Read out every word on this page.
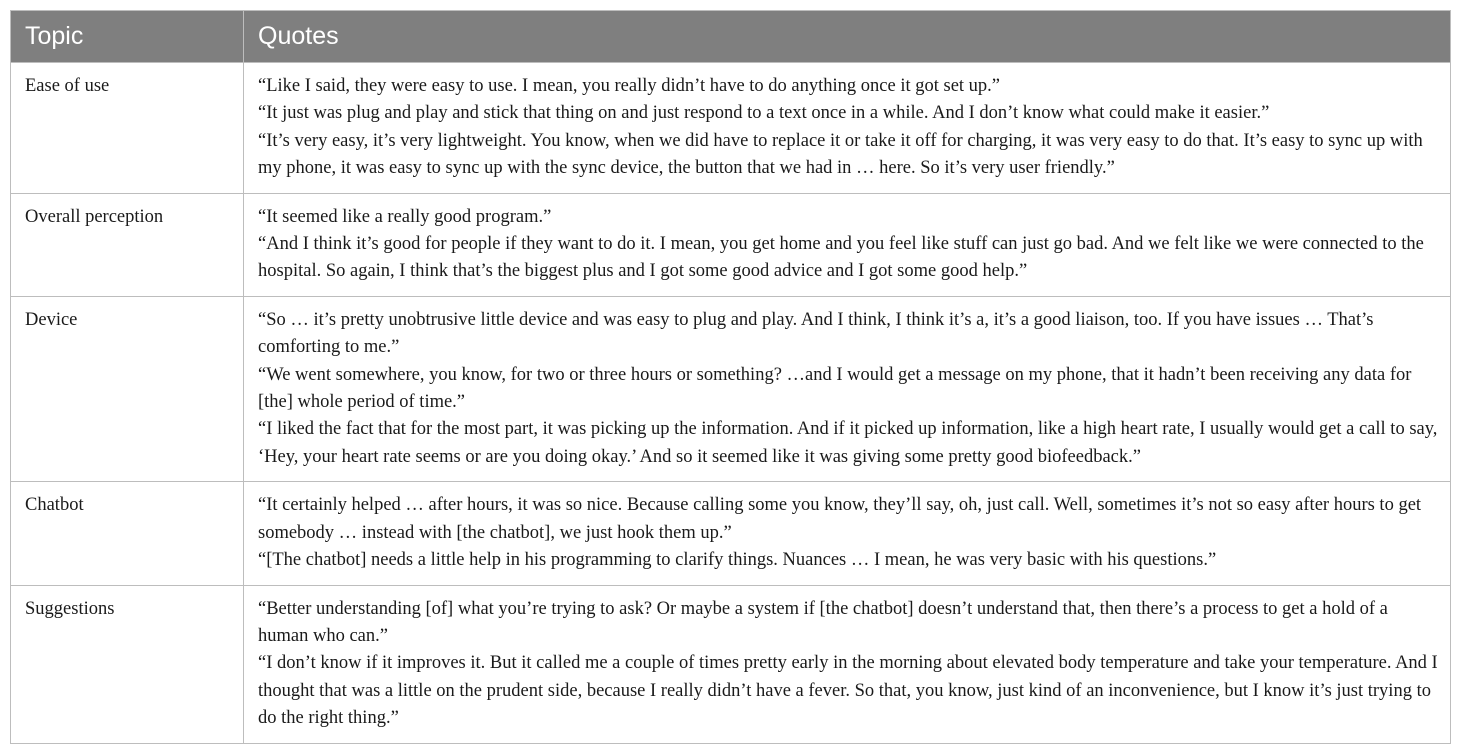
Topic	Quotes
Ease of use	“Like I said, they were easy to use. I mean, you really didn’t have to do anything once it got set up.”
“It just was plug and play and stick that thing on and just respond to a text once in a while. And I don’t know what could make it easier.”
“It’s very easy, it’s very lightweight. You know, when we did have to replace it or take it off for charging, it was very easy to do that. It’s easy to sync up with my phone, it was easy to sync up with the sync device, the button that we had in … here. So it’s very user friendly.”

Overall perception	“It seemed like a really good program.”
“And I think it’s good for people if they want to do it. I mean, you get home and you feel like stuff can just go bad. And we felt like we were connected to the hospital. So again, I think that’s the biggest plus and I got some good advice and I got some good help.”

Device	“So … it’s pretty unobtrusive little device and was easy to plug and play. And I think, I think it’s a, it’s a good liaison, too. If you have issues … That’s comforting to me.”
“We went somewhere, you know, for two or three hours or something? …and I would get a message on my phone, that it hadn’t been receiving any data for [the] whole period of time.”
“I liked the fact that for the most part, it was picking up the information. And if it picked up information, like a high heart rate, I usually would get a call to say, ‘Hey, your heart rate seems or are you doing okay.’ And so it seemed like it was giving some pretty good biofeedback.”

Chatbot	“It certainly helped … after hours, it was so nice. Because calling some you know, they’ll say, oh, just call. Well, sometimes it’s not so easy after hours to get somebody … instead with [the chatbot], we just hook them up.”
“[The chatbot] needs a little help in his programming to clarify things. Nuances … I mean, he was very basic with his questions.”

Suggestions	“Better understanding [of] what you’re trying to ask? Or maybe a system if [the chatbot] doesn’t understand that, then there’s a process to get a hold of a human who can.”
“I don’t know if it improves it. But it called me a couple of times pretty early in the morning about elevated body temperature and take your temperature. And I thought that was a little on the prudent side, because I really didn’t have a fever. So that, you know, just kind of an inconvenience, but I know it’s just trying to do the right thing.”
